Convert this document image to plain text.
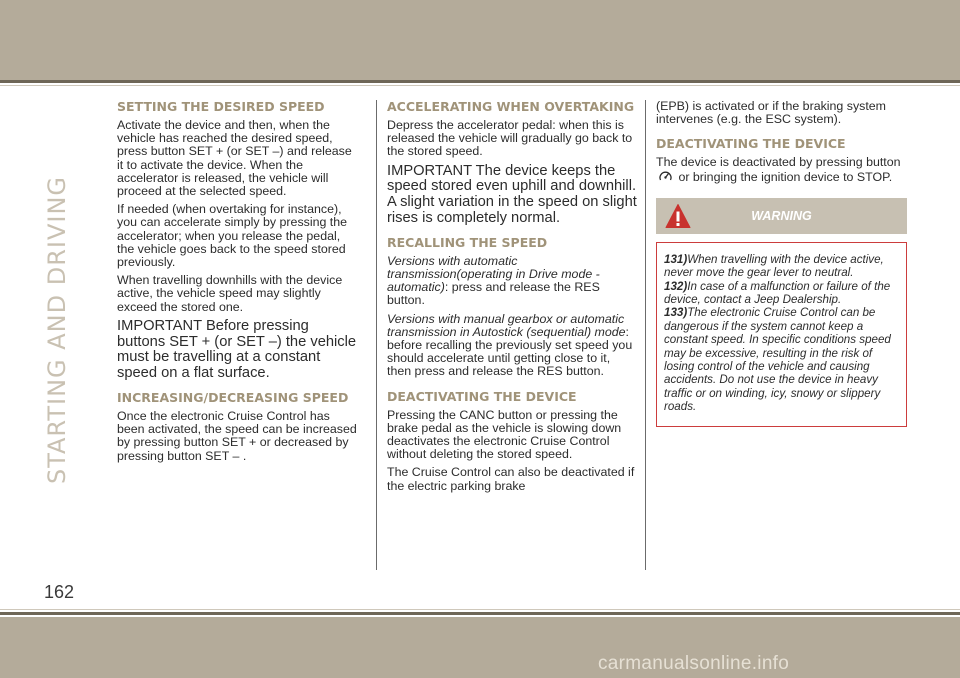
STARTING AND DRIVING
SETTING THE DESIRED SPEED

Activate the device and then, when the vehicle has reached the desired speed, press button SET + (or SET –) and release it to activate the device. When the accelerator is released, the vehicle will proceed at the selected speed.

If needed (when overtaking for instance), you can accelerate simply by pressing the accelerator; when you release the pedal, the vehicle goes back to the speed stored previously.

When travelling downhills with the device active, the vehicle speed may slightly exceed the stored one.

IMPORTANT Before pressing buttons SET + (or SET –) the vehicle must be travelling at a constant speed on a flat surface.

INCREASING/DECREASING SPEED

Once the electronic Cruise Control has been activated, the speed can be increased by pressing button SET + or decreased by pressing button SET – .

ACCELERATING WHEN OVERTAKING

Depress the accelerator pedal: when this is released the vehicle will gradually go back to the stored speed.

IMPORTANT The device keeps the speed stored even uphill and downhill. A slight variation in the speed on slight rises is completely normal.

RECALLING THE SPEED

Versions with automatic transmission(operating in Drive mode - automatic): press and release the RES button.

Versions with manual gearbox or automatic transmission in Autostick (sequential) mode: before recalling the previously set speed you should accelerate until getting close to it, then press and release the RES button.

DEACTIVATING THE DEVICE

Pressing the CANC button or pressing the brake pedal as the vehicle is slowing down deactivates the electronic Cruise Control without deleting the stored speed.

The Cruise Control can also be deactivated if the electric parking brake

(EPB) is activated or if the braking system intervenes (e.g. the ESC system).

DEACTIVATING THE DEVICE

The device is deactivated by pressing button  or bringing the ignition device to STOP.

WARNING
131)When travelling with the device active, never move the gear lever to neutral.
132)In case of a malfunction or failure of the device, contact a Jeep Dealership.
133)The electronic Cruise Control can be dangerous if the system cannot keep a constant speed. In specific conditions speed may be excessive, resulting in the risk of losing control of the vehicle and causing accidents. Do not use the device in heavy traffic or on winding, icy, snowy or slippery roads.
162
carmanualsonline.info
